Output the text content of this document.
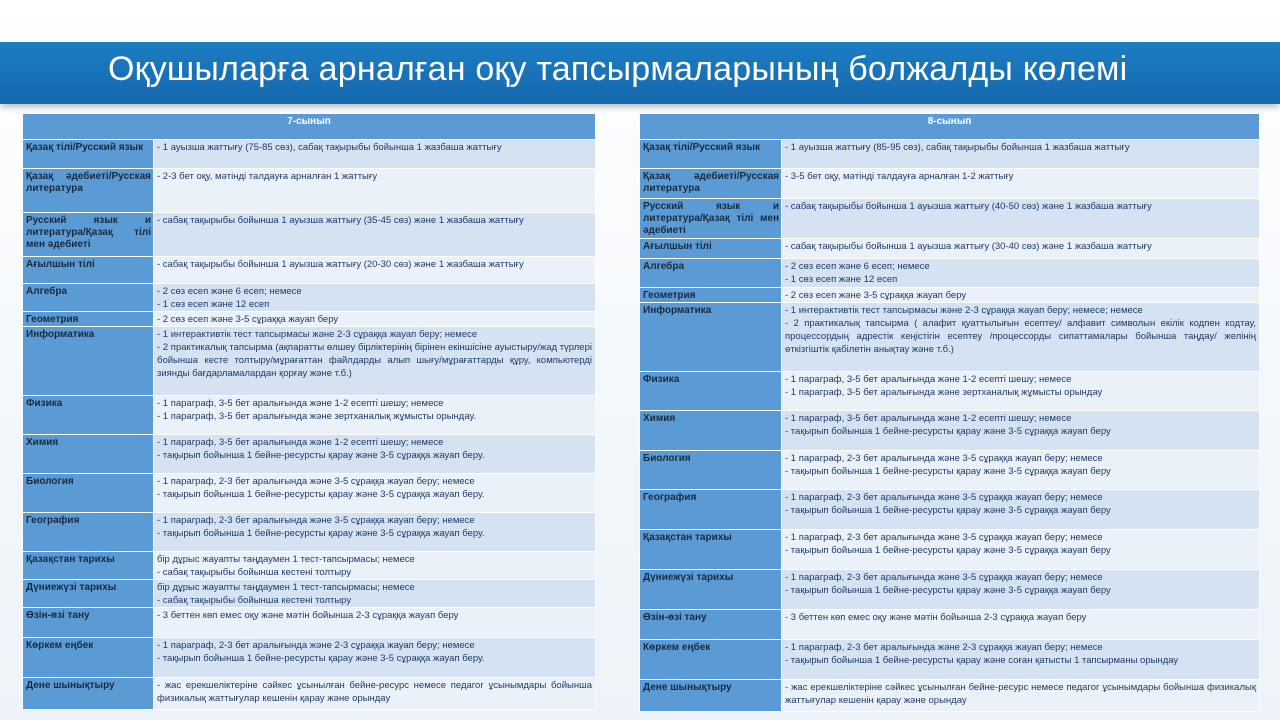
Оқушыларға арналған оқу тапсырмаларының болжалды көлемі
7-сынып	
Қазақ тілі/Русский язык	- 1 ауызша жаттығу (75-85 сөз), сабақ тақырыбы бойынша 1 жазбаша жаттығу

Қазақ әдебиеті/Русская литература	- 2-3 бет оқу, мәтінді талдауға арналған 1 жаттығу

Русский язык и литература/Қазақ тілі мен әдебиеті	- сабақ тақырыбы бойынша 1 ауызша жаттығу (35-45 сөз) және 1 жазбаша жаттығу

Ағылшын тілі	- сабақ тақырыбы бойынша 1 ауызша жаттығу (20-30 сөз) және 1 жазбаша жаттығу

Алгебра	- 2 сөз есеп және 6 есеп; немесе
- 1 сөз есеп және 12 есеп

Геометрия	- 2 сөз есеп және 3-5 сұраққа жауап беру

Информатика	- 1 интерактивтік тест тапсырмасы және 2-3 сұраққа жауап беру; немесе
- 2 практикалық тапсырма (ақпаратты өлшеу бірліктерінің бірінен екіншісіне ауыстыру/жад түрлері бойынша кесте толтыру/мұрағаттан файлдарды алып шығу/мұрағаттарды құру, компьютерді зиянды бағдарламалардан қорғау және т.б.)

Физика	- 1 параграф, 3-5 бет аралығында және 1-2 есепті шешу; немесе
- 1 параграф, 3-5 бет аралығында және зертханалық жұмысты орындау.

Химия	- 1 параграф, 3-5 бет аралығында және 1-2 есепті шешу; немесе
- тақырып бойынша 1 бейне-ресурсты қарау және 3-5 сұраққа жауап беру.

Биология	- 1 параграф, 2-3 бет аралығында және 3-5 сұраққа жауап беру; немесе
- тақырып бойынша 1 бейне-ресурсты қарау және 3-5 сұраққа жауап беру.

География	- 1 параграф, 2-3 бет аралығында және 3-5 сұраққа жауап беру; немесе
- тақырып бойынша 1 бейне-ресурсты қарау және 3-5 сұраққа жауап беру.

Қазақстан тарихы	бір дұрыс жауапты таңдаумен 1 тест-тапсырмасы; немесе
- сабақ тақырыбы бойынша кестені толтыру

Дүниежүзі тарихы	бір дұрыс жауапты таңдаумен 1 тест-тапсырмасы; немесе
- сабақ тақырыбы бойынша кестені толтыру

Өзін-өзі тану	- 3 беттен көп емес оқу және мәтін бойынша 2-3 сұраққа жауап беру

Көркем еңбек	- 1 параграф, 2-3 бет аралығында және 2-3 сұраққа жауап беру; немесе
- тақырып бойынша 1 бейне-ресурсты қарау және 3-5 сұраққа жауап беру.

Дене шынықтыру	- жас ерекшеліктеріне сәйкес ұсынылған бейне-ресурс немесе педагог ұсынымдары бойынша физикалық жаттығулар кешенін қарау және орындау
8-сынып	
Қазақ тілі/Русский язык	- 1 ауызша жаттығу (85-95 сөз), сабақ тақырыбы бойынша 1 жазбаша жаттығу

Қазақ әдебиеті/Русская литература	- 3-5 бет оқу, мәтінді талдауға арналған 1-2 жаттығу

Русский язык и литература/Қазақ тілі мен әдебиеті	- сабақ тақырыбы бойынша 1 ауызша жаттығу (40-50 сөз) және 1 жазбаша жаттығу

Ағылшын тілі	- сабақ тақырыбы бойынша 1 ауызша жаттығу (30-40 сөз) және 1 жазбаша жаттығу

Алгебра	- 2 сөз есеп және 6 есеп; немесе
- 1 сөз есеп және 12 есеп

Геометрия	- 2 сөз есеп және 3-5 сұраққа жауап беру

Информатика	- 1 интерактивтік тест тапсырмасы және 2-3 сұраққа жауап беру; немесе; немесе
- 2 практикалық тапсырма ( алафит қуаттылығын есептеу/ алфавит символын екілік кодпен кодтау, процессордың адрестік кеңістігін есептеу /процессорды сипаттамалары бойынша таңдау/ желінің өткізгіштік қабілетін анықтау және т.б.)

Физика	- 1 параграф, 3-5 бет аралығында және 1-2 есепті шешу; немесе
- 1 параграф, 3-5 бет аралығында және зертханалық жұмысты орындау

Химия	- 1 параграф, 3-5 бет аралығында және 1-2 есепті шешу; немесе
- тақырып бойынша 1 бейне-ресурсты қарау және 3-5 сұраққа жауап беру

Биология	- 1 параграф, 2-3 бет аралығында және 3-5 сұраққа жауап беру; немесе
- тақырып бойынша 1 бейне-ресурсты қарау және 3-5 сұраққа жауап беру

География	- 1 параграф, 2-3 бет аралығында және 3-5 сұраққа жауап беру; немесе
- тақырып бойынша 1 бейне-ресурсты қарау және 3-5 сұраққа жауап беру

Қазақстан тарихы	- 1 параграф, 2-3 бет аралығында және 3-5 сұраққа жауап беру; немесе
- тақырып бойынша 1 бейне-ресурсты қарау және 3-5 сұраққа жауап беру

Дүниежүзі тарихы	- 1 параграф, 2-3 бет аралығында және 3-5 сұраққа жауап беру; немесе
- тақырып бойынша 1 бейне-ресурсты қарау және 3-5 сұраққа жауап беру

Өзін-өзі тану	- 3 беттен көп емес оқу және мәтін бойынша 2-3 сұраққа жауап беру

Көркем еңбек	- 1 параграф, 2-3 бет аралығында және 2-3 сұраққа жауап беру; немесе
- тақырып бойынша 1 бейне-ресурсты қарау және соған қатысты 1 тапсырманы орындау

Дене шынықтыру	- жас ерекшеліктеріне сәйкес ұсынылған бейне-ресурс немесе педагог ұсынымдары бойынша физикалық жаттығулар кешенін қарау және орындау
